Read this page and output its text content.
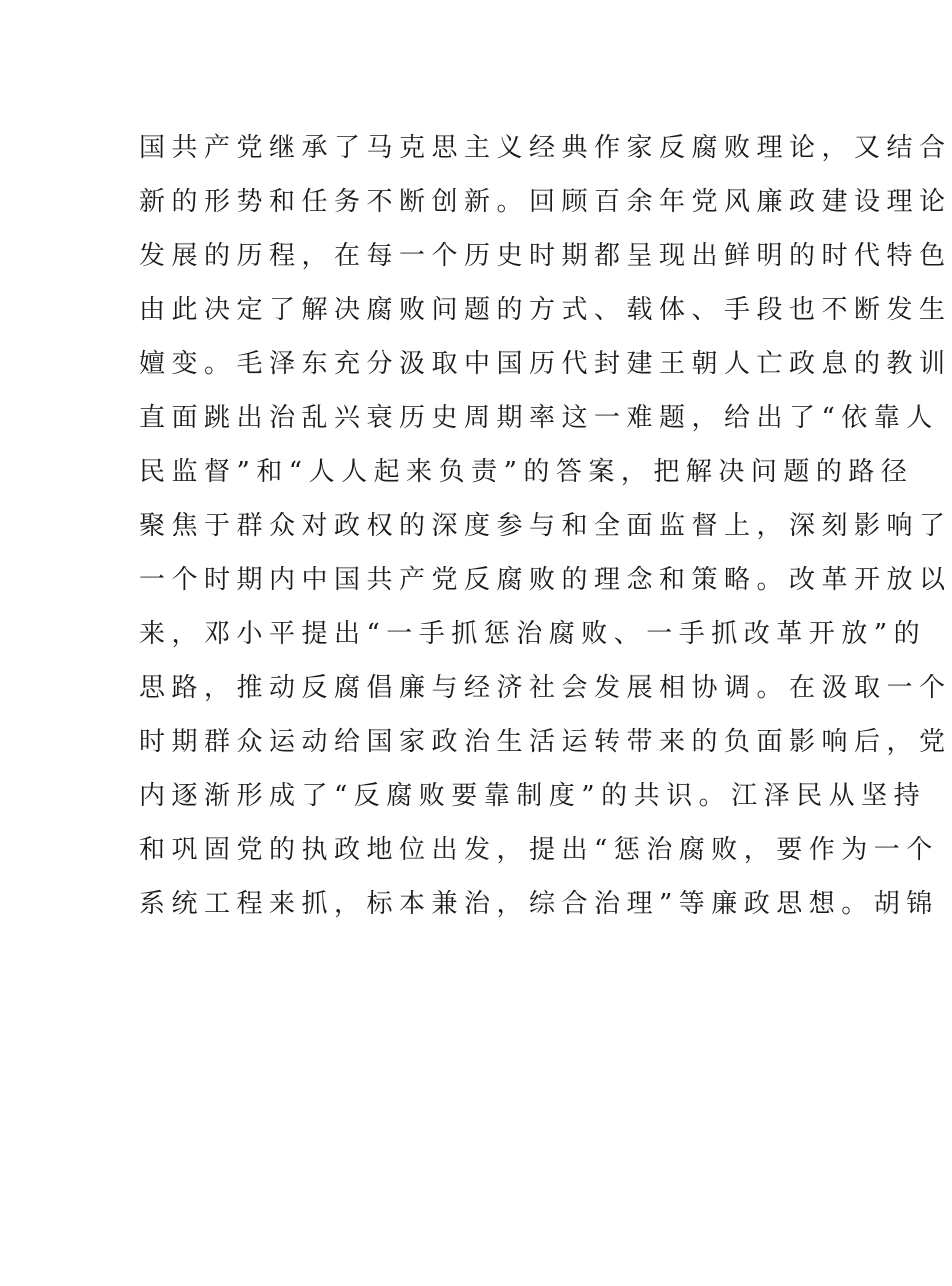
国共产党继承了马克思主义经典作家反腐败理论，又结合
新的形势和任务不断创新。回顾百余年党风廉政建设理论
发展的历程，在每一个历史时期都呈现出鲜明的时代特色
由此决定了解决腐败问题的方式、载体、手段也不断发生
嬗变。毛泽东充分汲取中国历代封建王朝人亡政息的教训
直面跳出治乱兴衰历史周期率这一难题，给出了“依靠人
民监督”和“人人起来负责”的答案，把解决问题的路径
聚焦于群众对政权的深度参与和全面监督上，深刻影响了
一个时期内中国共产党反腐败的理念和策略。改革开放以
来，邓小平提出“一手抓惩治腐败、一手抓改革开放”的
思路，推动反腐倡廉与经济社会发展相协调。在汲取一个
时期群众运动给国家政治生活运转带来的负面影响后，党
内逐渐形成了“反腐败要靠制度”的共识。江泽民从坚持
和巩固党的执政地位出发，提出“惩治腐败，要作为一个
系统工程来抓，标本兼治，综合治理”等廉政思想。胡锦
